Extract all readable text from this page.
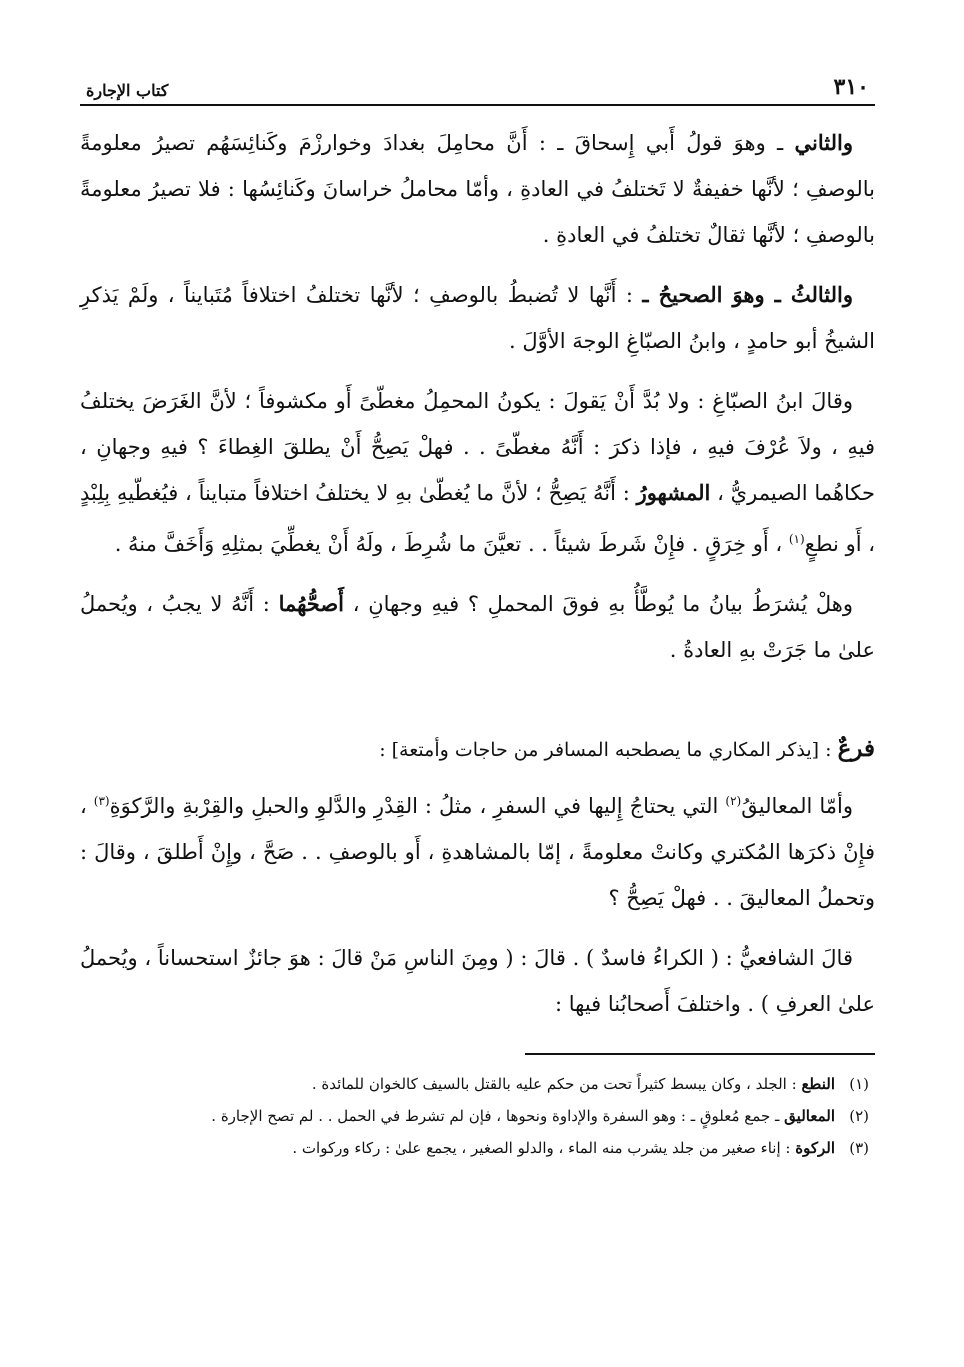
٣١٠
كتاب الإجارة

والثاني ـ وهوَ قولُ أَبي إِسحاقَ ـ : أَنَّ محامِلَ بغدادَ وخوارزْمَ وكَنائِسَهُم تصيرُ معلومةً بالوصفِ ؛ لأنَّها خفيفةٌ لا تَختلفُ في العادةِ ، وأمّا محاملُ خراسانَ وكَنائِسُها : فلا تصيرُ معلومةً بالوصفِ ؛ لأنَّها ثقالٌ تختلفُ في العادةِ .

والثالثُ ـ وهوَ الصحيحُ ـ : أَنَّها لا تُضبطُ بالوصفِ ؛ لأنَّها تختلفُ اختلافاً مُتَبايناً ، ولَمْ يَذكرِ الشيخُ أبو حامدٍ ، وابنُ الصبّاغِ الوجهَ الأوَّلَ .

وقالَ ابنُ الصبّاغِ : ولا بُدَّ أَنْ يَقولَ : يكونُ المحمِلُ مغطّىً أَو مكشوفاً ؛ لأنَّ الغَرَضَ يختلفُ فيهِ ، ولاَ عُرْفَ فيهِ ، فإذا ذكرَ : أَنَّهُ مغطّىً . . فهلْ يَصِحُّ أَنْ يطلقَ الغِطاءَ ؟ فيهِ وجهانِ ، حكاهُما الصيمريُّ ، المشهورُ : أَنَّهُ يَصِحُّ ؛ لأنَّ ما يُغطّىٰ بهِ لا يختلفُ اختلافاً متبايناً ، فيُغطّيهِ بِلِبْدٍ ، أَو نطعٍ$^{(١)}$ ، أَو خِرَقٍ . فإِنْ شَرطَ شيئاً . . تعيَّنَ ما شُرِطَ ، ولَهُ أَنْ يغطِّيَ بمثلِهِ وَأَخَفَّ منهُ .

وهلْ يُشرَطُ بيانُ ما يُوطَّأُ بهِ فوقَ المحملِ ؟ فيهِ وجهانِ ، أَصحُّهُما : أَنَّهُ لا يجبُ ، ويُحملُ علىٰ ما جَرَتْ بهِ العادةُ .

فرعٌ : [يذكر المكاري ما يصطحبه المسافر من حاجات وأمتعة] :

وأمّا المعاليقُ$^{(٢)}$ التي يحتاجُ إِليها في السفرِ ، مثلُ : القِدْرِ والدَّلوِ والحبلِ والقِرْبةِ والرَّكوَةِ$^{(٣)}$ ، فإِنْ ذكرَها المُكتري وكانتْ معلومةً ، إمّا بالمشاهدةِ ، أَو بالوصفِ . . صَحَّ ، وإِنْ أَطلقَ ، وقالَ : وتحملُ المعاليقَ . . فهلْ يَصِحُّ ؟

قالَ الشافعيُّ : ( الكراءُ فاسدٌ ) . قالَ : ( ومِنَ الناسِ مَنْ قالَ : هوَ جائزٌ استحساناً ، ويُحملُ علىٰ العرفِ ) . واختلفَ أَصحابُنا فيها :

(١)
النطع : الجلد ، وكان يبسط كثيراً تحت من حكم عليه بالقتل بالسيف كالخوان للمائدة .
(٢)
المعاليق ـ جمع مُعلوقٍ ـ : وهو السفرة والإداوة ونحوها ، فإن لم تشرط في الحمل . . لم تصح الإجارة .
(٣)
الركوة : إناء صغير من جلد يشرب منه الماء ، والدلو الصغير ، يجمع علىٰ : ركاء وركوات .
